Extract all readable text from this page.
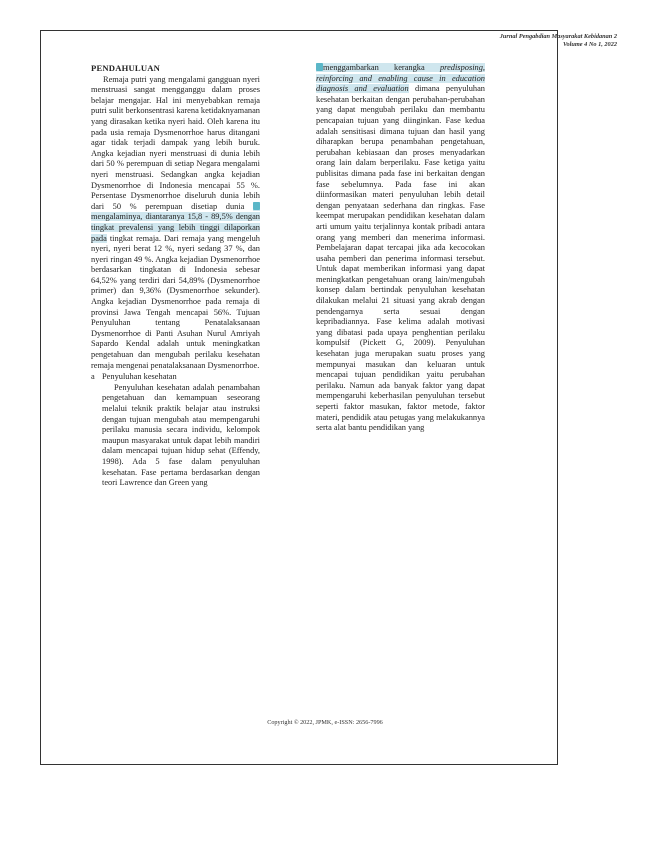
Jurnal Pengabdian Masyarakat Kebidanan 2
Volume 4 No 1, 2022
PENDAHULUAN

Remaja putri yang mengalami gangguan nyeri menstruasi sangat mengganggu dalam proses belajar mengajar. Hal ini menyebabkan remaja putri sulit berkonsentrasi karena ketidaknyamanan yang dirasakan ketika nyeri haid. Oleh karena itu pada usia remaja Dysmenorrhoe harus ditangani agar tidak terjadi dampak yang lebih buruk. Angka kejadian nyeri menstruasi di dunia lebih dari 50 % perempuan di setiap Negara mengalami nyeri menstruasi. Sedangkan angka kejadian Dysmenorrhoe di Indonesia mencapai 55 %. Persentase Dysmenorrhoe diseluruh dunia lebih dari 50 % perempuan disetiap dunia mengalaminya, diantaranya 15,8 - 89,5% dengan tingkat prevalensi yang lebih tinggi dilaporkan pada tingkat remaja. Dari remaja yang mengeluh nyeri, nyeri berat 12 %, nyeri sedang 37 %, dan nyeri ringan 49 %. Angka kejadian Dysmenorrhoe berdasarkan tingkatan di Indonesia sebesar 64,52% yang terdiri dari 54,89% (Dysmenorrhoe primer) dan 9,36% (Dysmenorrhoe sekunder). Angka kejadian Dysmenorrhoe pada remaja di provinsi Jawa Tengah mencapai 56%. Tujuan Penyuluhan tentang Penatalaksanaan Dysmenorrhoe di Panti Asuhan Nurul Amriyah Sapardo Kendal adalah untuk meningkatkan pengetahuan dan mengubah perilaku kesehatan remaja mengenai penatalaksanaan Dysmenorrhoe.

a Penyuluhan kesehatan

Penyuluhan kesehatan adalah penambahan pengetahuan dan kemampuan seseorang melalui teknik praktik belajar atau instruksi dengan tujuan mengubah atau mempengaruhi perilaku manusia secara individu, kelompok maupun masyarakat untuk dapat lebih mandiri dalam mencapai tujuan hidup sehat (Effendy, 1998). Ada 5 fase dalam penyuluhan kesehatan. Fase pertama berdasarkan dengan teori Lawrence dan Green yang

menggambarkan kerangka predisposing, reinforcing and enabling cause in education diagnosis and evaluation dimana penyuluhan kesehatan berkaitan dengan perubahan-perubahan yang dapat mengubah perilaku dan membantu pencapaian tujuan yang diinginkan. Fase kedua adalah sensitisasi dimana tujuan dan hasil yang diharapkan berupa penambahan pengetahuan, perubahan kebiasaan dan proses menyadarkan orang lain dalam berperilaku. Fase ketiga yaitu publisitas dimana pada fase ini berkaitan dengan fase sebelumnya. Pada fase ini akan diinformasikan materi penyuluhan lebih detail dengan penyataan sederhana dan ringkas. Fase keempat merupakan pendidikan kesehatan dalam arti umum yaitu terjalinnya kontak pribadi antara orang yang memberi dan menerima informasi. Pembelajaran dapat tercapai jika ada kecocokan usaha pemberi dan penerima informasi tersebut. Untuk dapat memberikan informasi yang dapat meningkatkan pengetahuan orang lain/mengubah konsep dalam bertindak penyuluhan kesehatan dilakukan melalui 21 situasi yang akrab dengan pendengarnya serta sesuai dengan kepribadiannya. Fase kelima adalah motivasi yang dibatasi pada upaya penghentian perilaku kompulsif (Pickett G, 2009). Penyuluhan kesehatan juga merupakan suatu proses yang mempunyai masukan dan keluaran untuk mencapai tujuan pendidikan yaitu perubahan perilaku. Namun ada banyak faktor yang dapat mempengaruhi keberhasilan penyuluhan tersebut seperti faktor masukan, faktor metode, faktor materi, pendidik atau petugas yang melakukannya serta alat bantu pendidikan yang

Copyright © 2022, JPMK, e-ISSN: 2656-7996
